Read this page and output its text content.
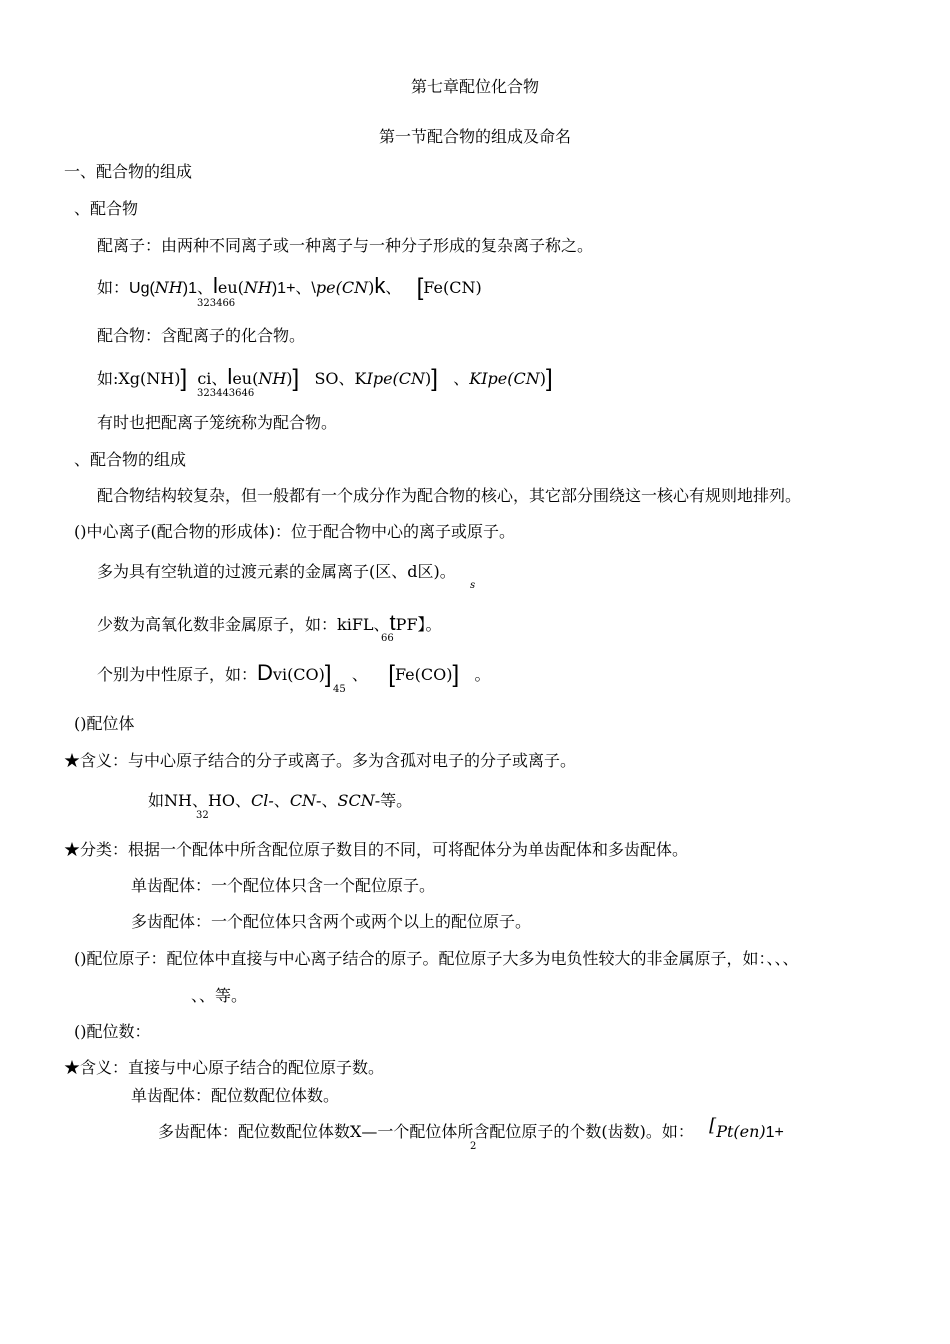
第七章配位化合物
第一节配合物的组成及命名
一、配合物的组成
、配合物
配离子：由两种不同离子或一种离子与一种分子形成的复杂离子称之。
如：Ug(NH)1、leu(NH)1+、\pe(CN)k、 [Fe(CN)
323466
配合物：含配离子的化合物。
如:Xg(NH)] ci、leu(NH)] SO、KIpe(CN)] 、KIpe(CN)]
323443646
有时也把配离子笼统称为配合物。
、配合物的组成
配合物结构较复杂，但一般都有一个成分作为配合物的核心，其它部分围绕这一核心有规则地排列。
()中心离子(配合物的形成体)：位于配合物中心的离子或原子。
多为具有空轨道的过渡元素的金属离子(区、d区)。
s
少数为高氧化数非金属原子，如：kiFL、tPF】。
66
个别为中性原子，如：Dvi(CO)] 、 [Fe(CO)] 。
45
()配位体
★含义：与中心原子结合的分子或离子。多为含孤对电子的分子或离子。
如NH、HO、Cl-、CN-、SCN-等。
32
★分类：根据一个配体中所含配位原子数目的不同，可将配体分为单齿配体和多齿配体。
单齿配体：一个配位体只含一个配位原子。
多齿配体：一个配位体只含两个或两个以上的配位原子。
()配位原子：配位体中直接与中心离子结合的原子。配位原子大多为电负性较大的非金属原子，如：、、、
、、等。
()配位数：
★含义：直接与中心原子结合的配位原子数。
单齿配体：配位数配位体数。
多齿配体：配位数配位体数X—一个配位体所含配位原子的个数(齿数)。如： [Pt(en)1+
2
